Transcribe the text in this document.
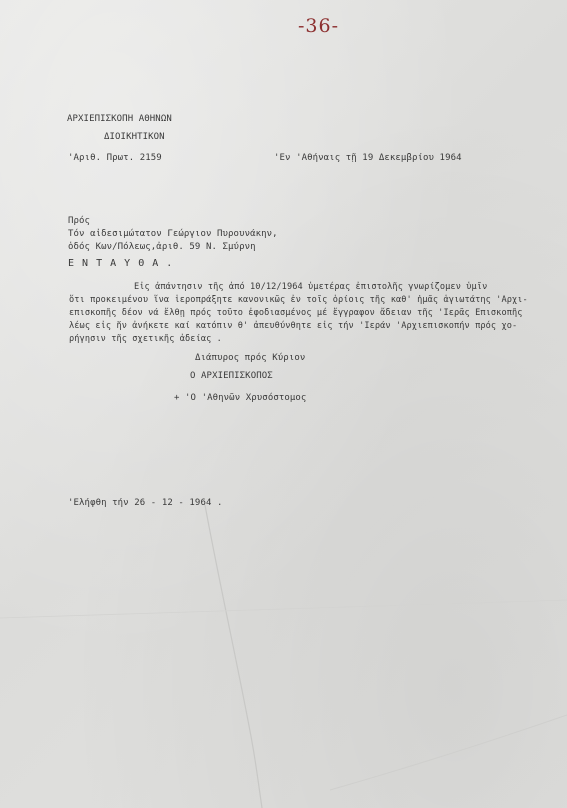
-36-
ΑΡΧΙΕΠΙΣΚΟΠΗ ΑΘΗΝΩΝ
ΔΙΟΙΚΗΤΙΚΟΝ
'Αριθ. Πρωτ. 2159	'Εν 'Αθήναις τῇ 19 Δεκεμβρίου 1964
Πρός
Τόν αἰδεσιμώτατον Γεώργιον Πυρουνάκην,
ὁδός Κων/Πόλεως,ἀριθ. 59 Ν. Σμύρνη
Ε Ν Τ Α Υ Θ Α .
Εἰς ἀπάντησιν τῆς ἀπό 10/12/1964 ὑμετέρας ἐπιστολῆς γνωρίζομεν ὑμῖν
ὅτι προκειμένου ἵνα ἱεροπράξητε κανονικῶς ἐν τοῖς ὁρίοις τῆς καθ' ἡμᾶς ἁγιωτάτης 'Αρχι-
επισκοπῆς δέον νά ἔλθῃ πρός τοῦτο ἐφοδιασμένος μέ ἔγγραφον ἄδειαν τῆς 'Ιερᾶς Επισκοπῆς
λέως εἰς ἥν ἀνήκετε καί κατόπιν θ' ἀπευθύνθητε εἰς τήν 'Ιεράν 'Αρχιεπισκοπήν πρός χο-
ρήγησιν τῆς σχετικῆς ἀδείας .
Διάπυρος πρός Κύριον
Ο ΑΡΧΙΕΠΙΣΚΟΠΟΣ
+ 'Ο 'Αθηνῶν Χρυσόστομος
'Ελήφθη τήν 26 - 12 - 1964 .
